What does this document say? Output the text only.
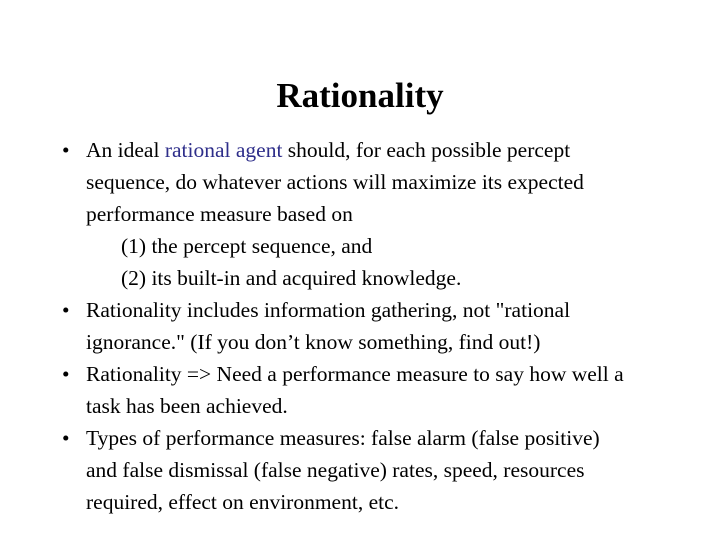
Rationality
• An ideal rational agent should, for each possible percept
sequence, do whatever actions will maximize its expected
performance measure based on
(1) the percept sequence, and
(2) its built-in and acquired knowledge.
• Rationality includes information gathering, not "rational
ignorance." (If you don’t know something, find out!)
• Rationality => Need a performance measure to say how well a
task has been achieved.
• Types of performance measures: false alarm (false positive)
and false dismissal (false negative) rates, speed, resources
required, effect on environment, etc.
